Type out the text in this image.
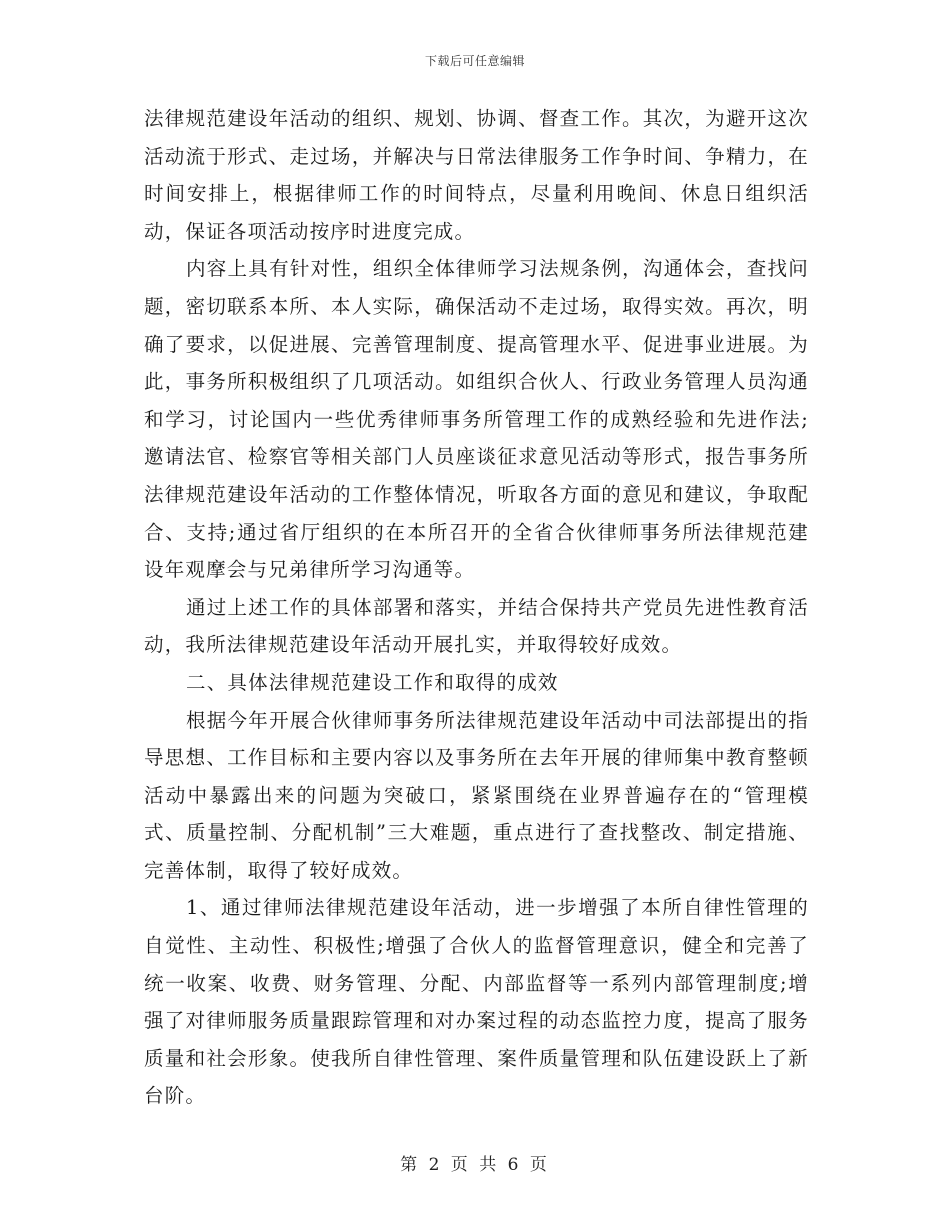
下载后可任意编辑

法律规范建设年活动的组织、规划、协调、督查工作。其次，为避开这次活动流于形式、走过场，并解决与日常法律服务工作争时间、争精力，在时间安排上，根据律师工作的时间特点，尽量利用晚间、休息日组织活动，保证各项活动按序时进度完成。

内容上具有针对性，组织全体律师学习法规条例，沟通体会，查找问题，密切联系本所、本人实际，确保活动不走过场，取得实效。再次，明确了要求，以促进展、完善管理制度、提高管理水平、促进事业进展。为此，事务所积极组织了几项活动。如组织合伙人、行政业务管理人员沟通和学习，讨论国内一些优秀律师事务所管理工作的成熟经验和先进作法;邀请法官、检察官等相关部门人员座谈征求意见活动等形式，报告事务所法律规范建设年活动的工作整体情况，听取各方面的意见和建议，争取配合、支持;通过省厅组织的在本所召开的全省合伙律师事务所法律规范建设年观摩会与兄弟律所学习沟通等。

通过上述工作的具体部署和落实，并结合保持共产党员先进性教育活动，我所法律规范建设年活动开展扎实，并取得较好成效。

二、具体法律规范建设工作和取得的成效

根据今年开展合伙律师事务所法律规范建设年活动中司法部提出的指导思想、工作目标和主要内容以及事务所在去年开展的律师集中教育整顿活动中暴露出来的问题为突破口，紧紧围绕在业界普遍存在的“管理模式、质量控制、分配机制”三大难题，重点进行了查找整改、制定措施、完善体制，取得了较好成效。

1、通过律师法律规范建设年活动，进一步增强了本所自律性管理的自觉性、主动性、积极性;增强了合伙人的监督管理意识，健全和完善了统一收案、收费、财务管理、分配、内部监督等一系列内部管理制度;增强了对律师服务质量跟踪管理和对办案过程的动态监控力度，提高了服务质量和社会形象。使我所自律性管理、案件质量管理和队伍建设跃上了新台阶。

第 2 页 共 6 页
